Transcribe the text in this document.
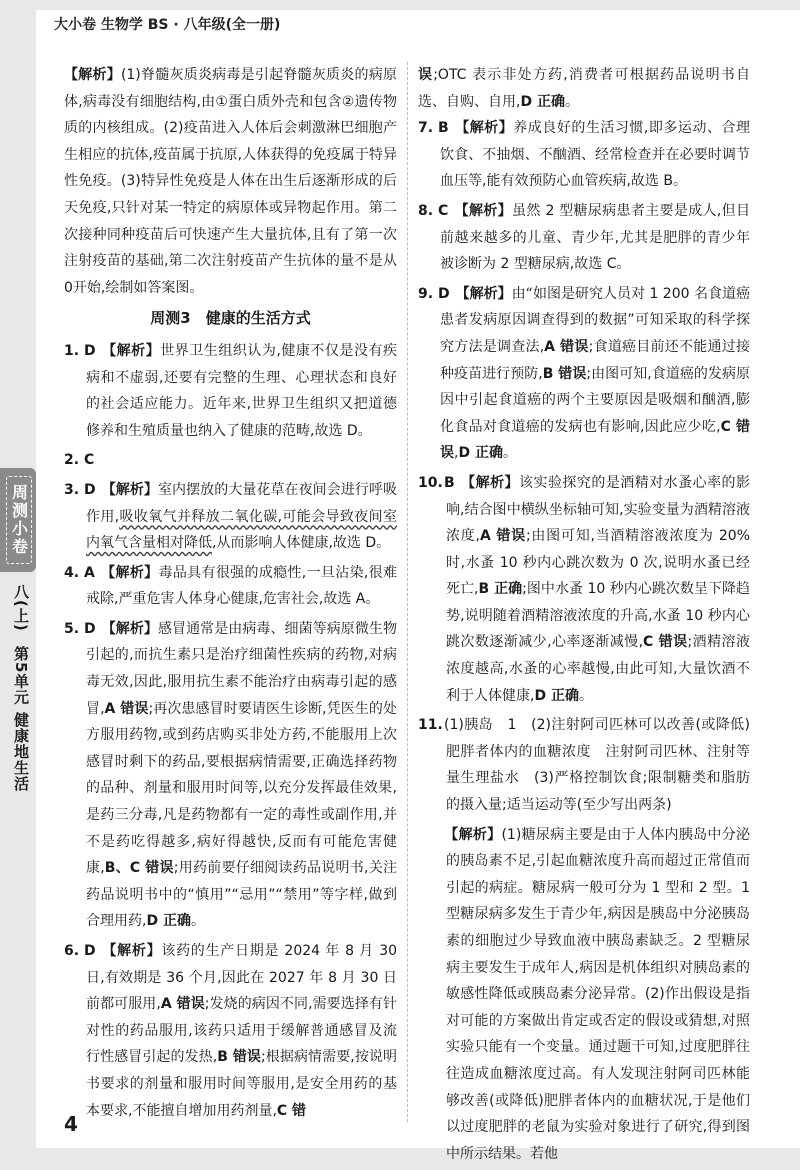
大小卷 生物学 BS · 八年级(全一册)
周测小卷
八(上)
第5单元 健康地生活

【解析】(1)脊髓灰质炎病毒是引起脊髓灰质炎的病原体,病毒没有细胞结构,由①蛋白质外壳和包含②遗传物质的内核组成。(2)疫苗进入人体后会刺激淋巴细胞产生相应的抗体,疫苗属于抗原,人体获得的免疫属于特异性免疫。(3)特异性免疫是人体在出生后逐渐形成的后天免疫,只针对某一特定的病原体或异物起作用。第二次接种同种疫苗后可快速产生大量抗体,且有了第一次注射疫苗的基础,第二次注射疫苗产生抗体的量不是从0开始,绘制如答案图。

周测3　健康的生活方式

1. D 【解析】世界卫生组织认为,健康不仅是没有疾病和不虚弱,还要有完整的生理、心理状态和良好的社会适应能力。近年来,世界卫生组织又把道德修养和生殖质量也纳入了健康的范畴,故选 D。

2. C

3. D 【解析】室内摆放的大量花草在夜间会进行呼吸作用,吸收氧气并释放二氧化碳,可能会导致夜间室内氧气含量相对降低,从而影响人体健康,故选 D。

4. A 【解析】毒品具有很强的成瘾性,一旦沾染,很难戒除,严重危害人体身心健康,危害社会,故选 A。

5. D 【解析】感冒通常是由病毒、细菌等病原微生物引起的,而抗生素只是治疗细菌性疾病的药物,对病毒无效,因此,服用抗生素不能治疗由病毒引起的感冒,A 错误;再次患感冒时要请医生诊断,凭医生的处方服用药物,或到药店购买非处方药,不能服用上次感冒时剩下的药品,要根据病情需要,正确选择药物的品种、剂量和服用时间等,以充分发挥最佳效果,是药三分毒,凡是药物都有一定的毒性或副作用,并不是药吃得越多,病好得越快,反而有可能危害健康,B、C 错误;用药前要仔细阅读药品说明书,关注药品说明书中的“慎用”“忌用”“禁用”等字样,做到合理用药,D 正确。

6. D 【解析】该药的生产日期是 2024 年 8 月 30 日,有效期是 36 个月,因此在 2027 年 8 月 30 日前都可服用,A 错误;发烧的病因不同,需要选择有针对性的药品服用,该药只适用于缓解普通感冒及流行性感冒引起的发热,B 错误;根据病情需要,按说明书要求的剂量和服用时间等服用,是安全用药的基本要求,不能擅自增加用药剂量,C 错

误;OTC 表示非处方药,消费者可根据药品说明书自选、自购、自用,D 正确。

7. B 【解析】养成良好的生活习惯,即多运动、合理饮食、不抽烟、不酗酒、经常检查并在必要时调节血压等,能有效预防心血管疾病,故选 B。

8. C 【解析】虽然 2 型糖尿病患者主要是成人,但目前越来越多的儿童、青少年,尤其是肥胖的青少年被诊断为 2 型糖尿病,故选 C。

9. D 【解析】由“如图是研究人员对 1 200 名食道癌患者发病原因调查得到的数据”可知采取的科学探究方法是调查法,A 错误;食道癌目前还不能通过接种疫苗进行预防,B 错误;由图可知,食道癌的发病原因中引起食道癌的两个主要原因是吸烟和酗酒,膨化食品对食道癌的发病也有影响,因此应少吃,C 错误,D 正确。

10.B 【解析】该实验探究的是酒精对水蚤心率的影响,结合图中横纵坐标轴可知,实验变量为酒精溶液浓度,A 错误;由图可知,当酒精溶液浓度为 20% 时,水蚤 10 秒内心跳次数为 0 次,说明水蚤已经死亡,B 正确;图中水蚤 10 秒内心跳次数呈下降趋势,说明随着酒精溶液浓度的升高,水蚤 10 秒内心跳次数逐渐减少,心率逐渐减慢,C 错误;酒精溶液浓度越高,水蚤的心率越慢,由此可知,大量饮酒不利于人体健康,D 正确。

11.(1)胰岛　1　(2)注射阿司匹林可以改善(或降低)肥胖者体内的血糖浓度　注射阿司匹林、注射等量生理盐水　(3)严格控制饮食;限制糖类和脂肪的摄入量;适当运动等(至少写出两条)

【解析】(1)糖尿病主要是由于人体内胰岛中分泌的胰岛素不足,引起血糖浓度升高而超过正常值而引起的病症。糖尿病一般可分为 1 型和 2 型。1 型糖尿病多发生于青少年,病因是胰岛中分泌胰岛素的细胞过少导致血液中胰岛素缺乏。2 型糖尿病主要发生于成年人,病因是机体组织对胰岛素的敏感性降低或胰岛素分泌异常。(2)作出假设是指对可能的方案做出肯定或否定的假设或猜想,对照实验只能有一个变量。通过题干可知,过度肥胖往往造成血糖浓度过高。有人发现注射阿司匹林能够改善(或降低)肥胖者体内的血糖状况,于是他们以过度肥胖的老鼠为实验对象进行了研究,得到图中所示结果。若他

4
